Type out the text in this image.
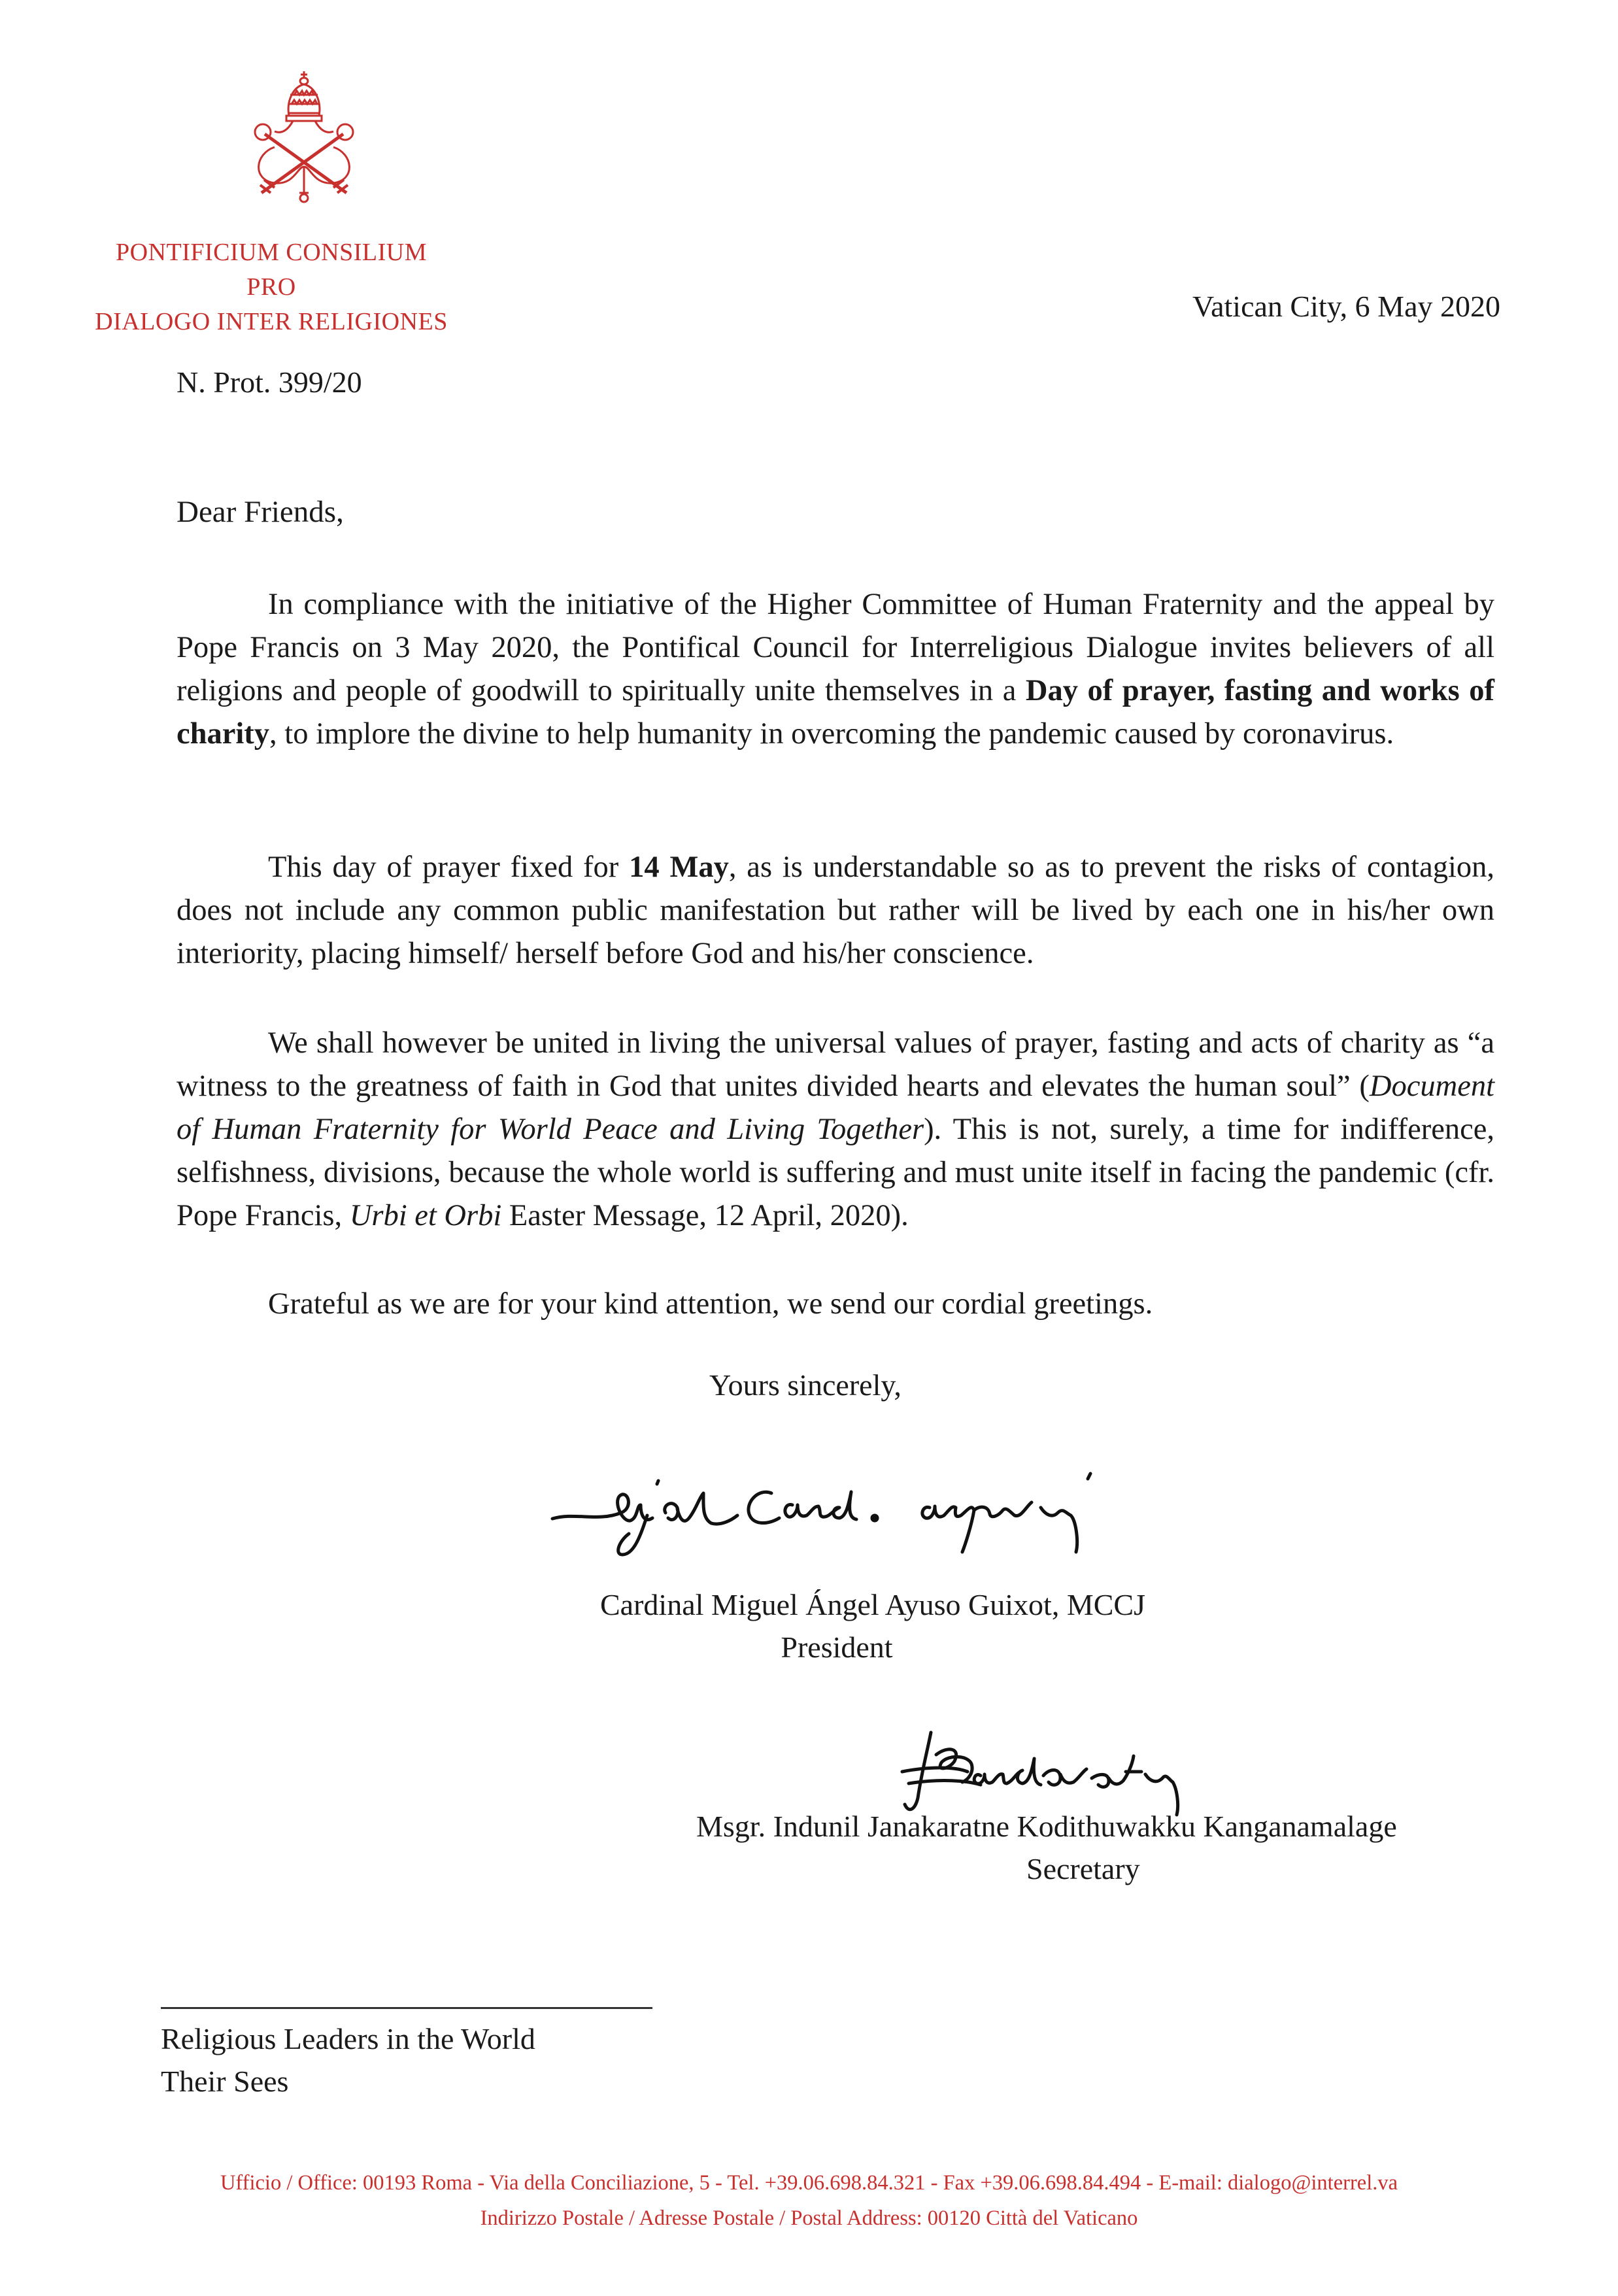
PONTIFICIUM CONSILIUM
PRO
DIALOGO INTER RELIGIONES	Vatican City, 6 May 2020
N. Prot. 399/20
Dear Friends,

In compliance with the initiative of the Higher Committee of Human Fraternity and the appeal by Pope Francis on 3 May 2020, the Pontifical Council for Interreligious Dialogue invites believers of all religions and people of goodwill to spiritually unite themselves in a Day of prayer, fasting and works of charity, to implore the divine to help humanity in overcoming the pandemic caused by coronavirus.

This day of prayer fixed for 14 May, as is understandable so as to prevent the risks of contagion, does not include any common public manifestation but rather will be lived by each one in his/her own interiority, placing himself/ herself before God and his/her conscience.

We shall however be united in living the universal values of prayer, fasting and acts of charity as “a witness to the greatness of faith in God that unites divided hearts and elevates the human soul” (Document of Human Fraternity for World Peace and Living Together). This is not, surely, a time for indifference, selfishness, divisions, because the whole world is suffering and must unite itself in facing the pandemic (cfr. Pope Francis, Urbi et Orbi Easter Message, 12 April, 2020).

Grateful as we are for your kind attention, we send our cordial greetings.

Yours sincerely,
Cardinal Miguel Ángel Ayuso Guixot, MCCJ
President
Msgr. Indunil Janakaratne Kodithuwakku Kanganamalage
Secretary
Religious Leaders in the World
Their Sees
Ufficio / Office: 00193 Roma - Via della Conciliazione, 5 - Tel. +39.06.698.84.321 - Fax +39.06.698.84.494 - E-mail: dialogo@interrel.va
Indirizzo Postale / Adresse Postale / Postal Address: 00120 Città del Vaticano
